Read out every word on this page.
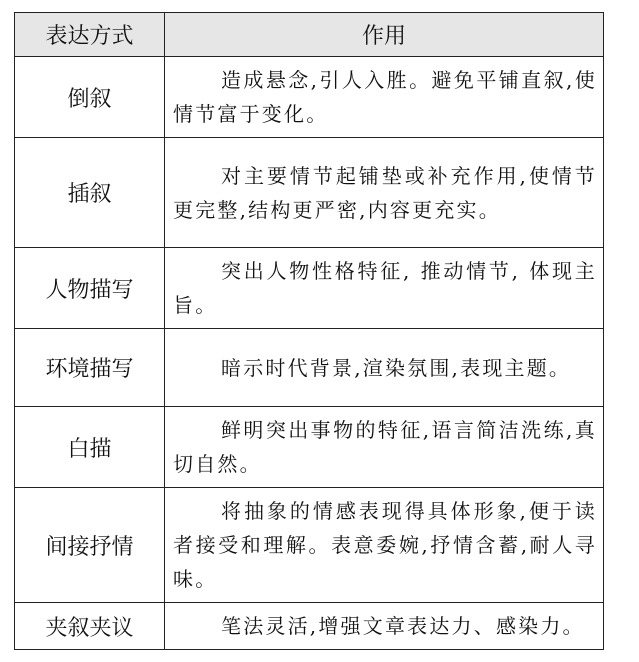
表达方式	作用
倒叙	造成悬念,引人入胜。避免平铺直叙,使情节富于变化。

插叙	对主要情节起铺垫或补充作用,使情节更完整,结构更严密,内容更充实。

人物描写	突出人物性格特征, 推动情节, 体现主旨。

环境描写	暗示时代背景,渲染氛围,表现主题。

白描	鲜明突出事物的特征,语言简洁洗练,真切自然。

间接抒情	将抽象的情感表现得具体形象,便于读者接受和理解。表意委婉,抒情含蓄,耐人寻味。

夹叙夹议	笔法灵活,增强文章表达力、感染力。
